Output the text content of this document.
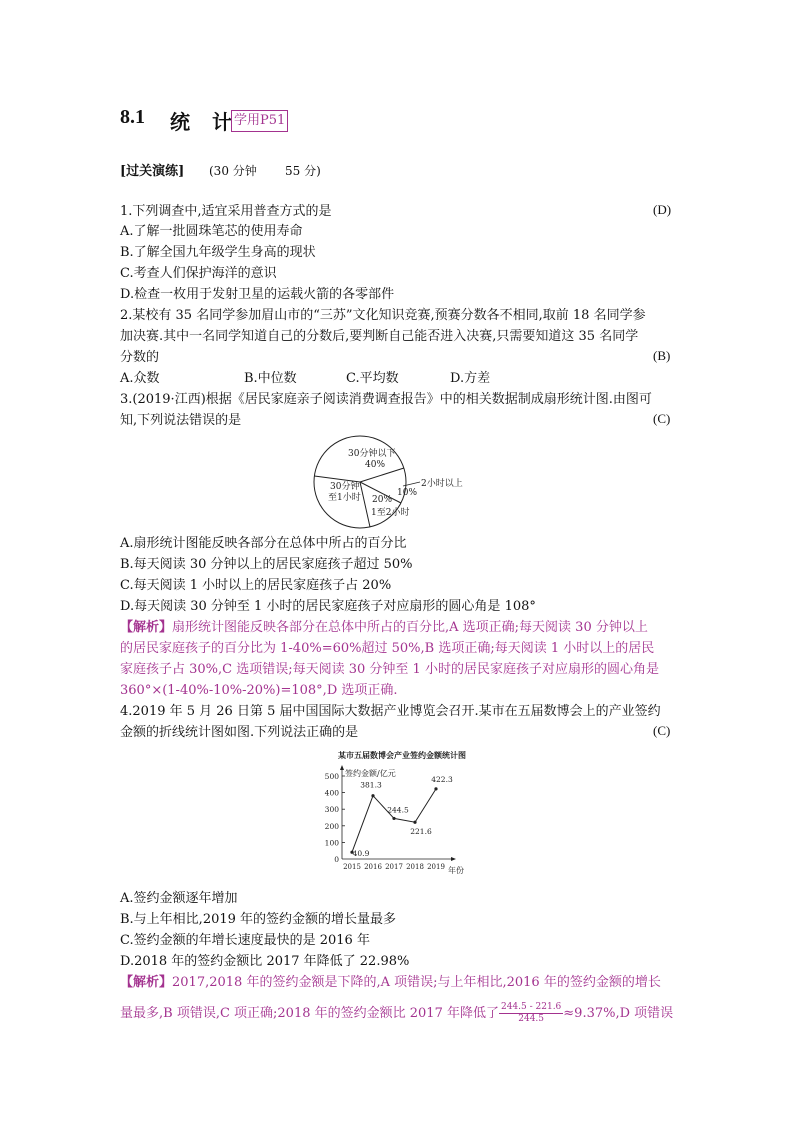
8.1 统 计 学用P51
[过关演练] (30 分钟 55 分)
1.下列调查中,适宜采用普查方式的是	(D)
A.了解一批圆珠笔芯的使用寿命
B.了解全国九年级学生身高的现状
C.考查人们保护海洋的意识
D.检查一枚用于发射卫星的运载火箭的各零部件
2.某校有 35 名同学参加眉山市的“三苏”文化知识竞赛,预赛分数各不相同,取前 18 名同学参
加决赛.其中一名同学知道自己的分数后,要判断自己能否进入决赛,只需要知道这 35 名同学
分数的	(B)
A.众数	B.中位数	C.平均数	D.方差
3.(2019·江西)根据《居民家庭亲子阅读消费调查报告》中的相关数据制成扇形统计图.由图可
知,下列说法错误的是	(C)
30分钟以下
40%
30分钟
至1小时	10%
20%
1至2小时
2小时以上
A.扇形统计图能反映各部分在总体中所占的百分比
B.每天阅读 30 分钟以上的居民家庭孩子超过 50%
C.每天阅读 1 小时以上的居民家庭孩子占 20%
D.每天阅读 30 分钟至 1 小时的居民家庭孩子对应扇形的圆心角是 108°
【解析】扇形统计图能反映各部分在总体中所占的百分比,A 选项正确;每天阅读 30 分钟以上
的居民家庭孩子的百分比为 1-40%=60%超过 50%,B 选项正确;每天阅读 1 小时以上的居民
家庭孩子占 30%,C 选项错误;每天阅读 30 分钟至 1 小时的居民家庭孩子对应扇形的圆心角是
360°×(1-40%-10%-20%)=108°,D 选项正确.
4.2019 年 5 月 26 日第 5 届中国国际大数据产业博览会召开.某市在五届数博会上的产业签约
金额的折线统计图如图.下列说法正确的是	(C)
某市五届数博会产业签约金额统计图
签约金额/亿元
年份
0
100
200
300
400
500
2015 2016 2017 2018 2019
40.9
381.3
244.5
221.6
422.3
A.签约金额逐年增加
B.与上年相比,2019 年的签约金额的增长量最多
C.签约金额的年增长速度最快的是 2016 年
D.2018 年的签约金额比 2017 年降低了 22.98%
【解析】2017,2018 年的签约金额是下降的,A 项错误;与上年相比,2016 年的签约金额的增长
量最多,B 项错误,C 项正确;2018 年的签约金额比 2017 年降低了 $\frac{244.5 - 221.6}{244.5} \approx 9.37\%,D$ 项错误
